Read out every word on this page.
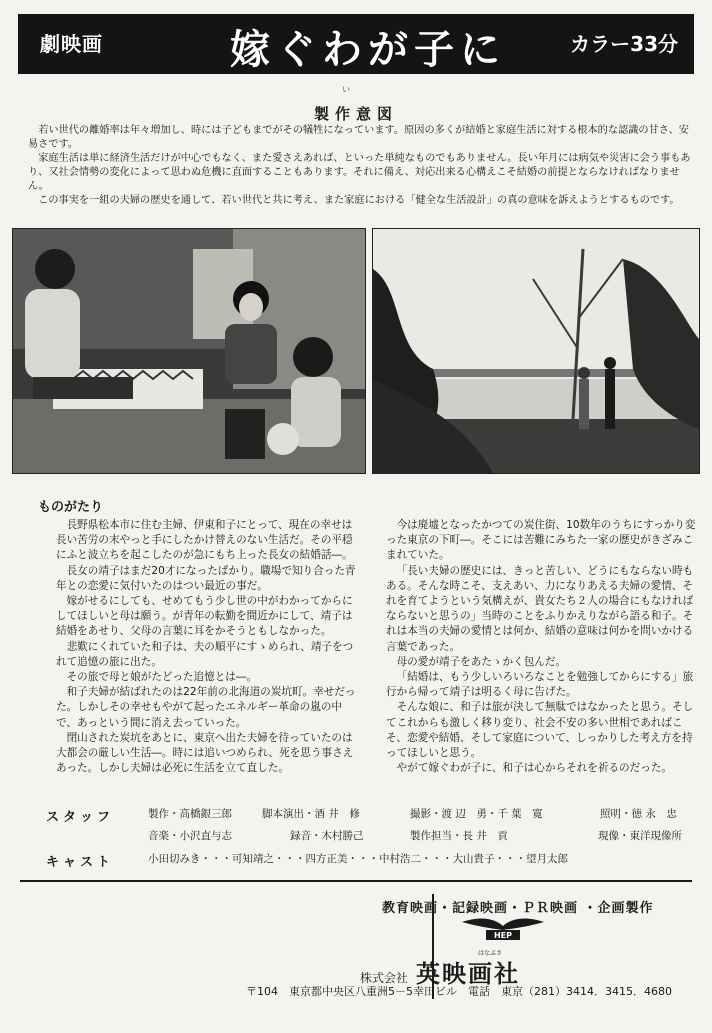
劇映画	嫁ぐわが子に	カラー33分
い
製作意図

若い世代の離婚率は年々増加し、時には子どもまでがその犠牲になっています。原因の多くが結婚と家庭生活に対する根本的な認識の甘さ、安易さです。

家庭生活は単に経済生活だけが中心でもなく、また愛さえあれば、といった単純なものでもありません。長い年月には病気や災害に会う事もあり、又社会情勢の変化によって思わぬ危機に直面することもあります。それに備え、対応出来る心構えこそ結婚の前提とならなければなりません。

この事実を一組の夫婦の歴史を通して、若い世代と共に考え、また家庭における「健全な生活設計」の真の意味を訴えようとするものです。

ものがたり

長野県松本市に住む主婦、伊東和子にとって、現在の幸せは長い苦労の末やっと手にしたかけ替えのない生活だ。その平穏にふと波立ちを起こしたのが急にもち上った長女の結婚話―。

長女の靖子はまだ20才になったばかり。職場で知り合った青年との恋愛に気付いたのはつい最近の事だ。

嫁がせるにしても、せめてもう少し世の中がわかってからにしてほしいと母は願う。が青年の転勤を間近かにして、靖子は結婚をあせり、父母の言葉に耳をかそうともしなかった。

悲歎にくれていた和子は、夫の順平にすゝめられ、靖子をつれて追憶の旅に出た。

その旅で母と娘がたどった追憶とは―。

和子夫婦が結ばれたのは22年前の北海道の炭坑町。幸せだった。しかしその幸せもやがて起ったエネルギー革命の嵐の中で、あっという間に消え去っていった。

閉山された炭坑をあとに、東京へ出た夫婦を待っていたのは大都会の厳しい生活―。時には追いつめられ、死を思う事さえあった。しかし夫婦は必死に生活を立て直した。

今は廃墟となったかつての炭住街、10数年のうちにすっかり変った東京の下町―。そこには苦難にみちた一家の歴史がきざみこまれていた。

「長い夫婦の歴史には、きっと苦しい、どうにもならない時もある。そんな時こそ、支えあい、力になりあえる夫婦の愛情、それを育てようという気構えが、貴女たち２人の場合にもなければならないと思うの」当時のことをふりかえりながら語る和子。それは本当の夫婦の愛情とは何か、結婚の意味は何かを問いかける言葉であった。

母の愛が靖子をあたゝかく包んだ。

「結婚は、もう少しいろいろなことを勉強してからにする」旅行から帰って靖子は明るく母に告げた。

そんな娘に、和子は旅が決して無駄ではなかったと思う。そしてこれからも激しく移り変り、社会不安の多い世相であればこそ、恋愛や結婚、そして家庭について、しっかりした考え方を持ってほしいと思う。

やがて嫁ぐわが子に、和子は心からそれを祈るのだった。

スタッフ	製作・高橋銀三郎	脚本演出・酒 井　修	撮影・渡 辺　勇・千 葉　寛	照明・徳 永　忠
音楽・小沢直与志	録音・木村勝己	製作担当・長 井　貢	現像・東洋現像所
キャスト	小田切みき・・・可知靖之・・・四方正美・・・中村浩二・・・大山貴子・・・望月太郎
教育映画・記録映画・ＰＲ映画 ・企画製作
HEP
はなぶさ
株式会社 英映画社
〒104　東京都中央区八重洲5－5幸田ビル　電話　東京（281）3414．3415．4680
